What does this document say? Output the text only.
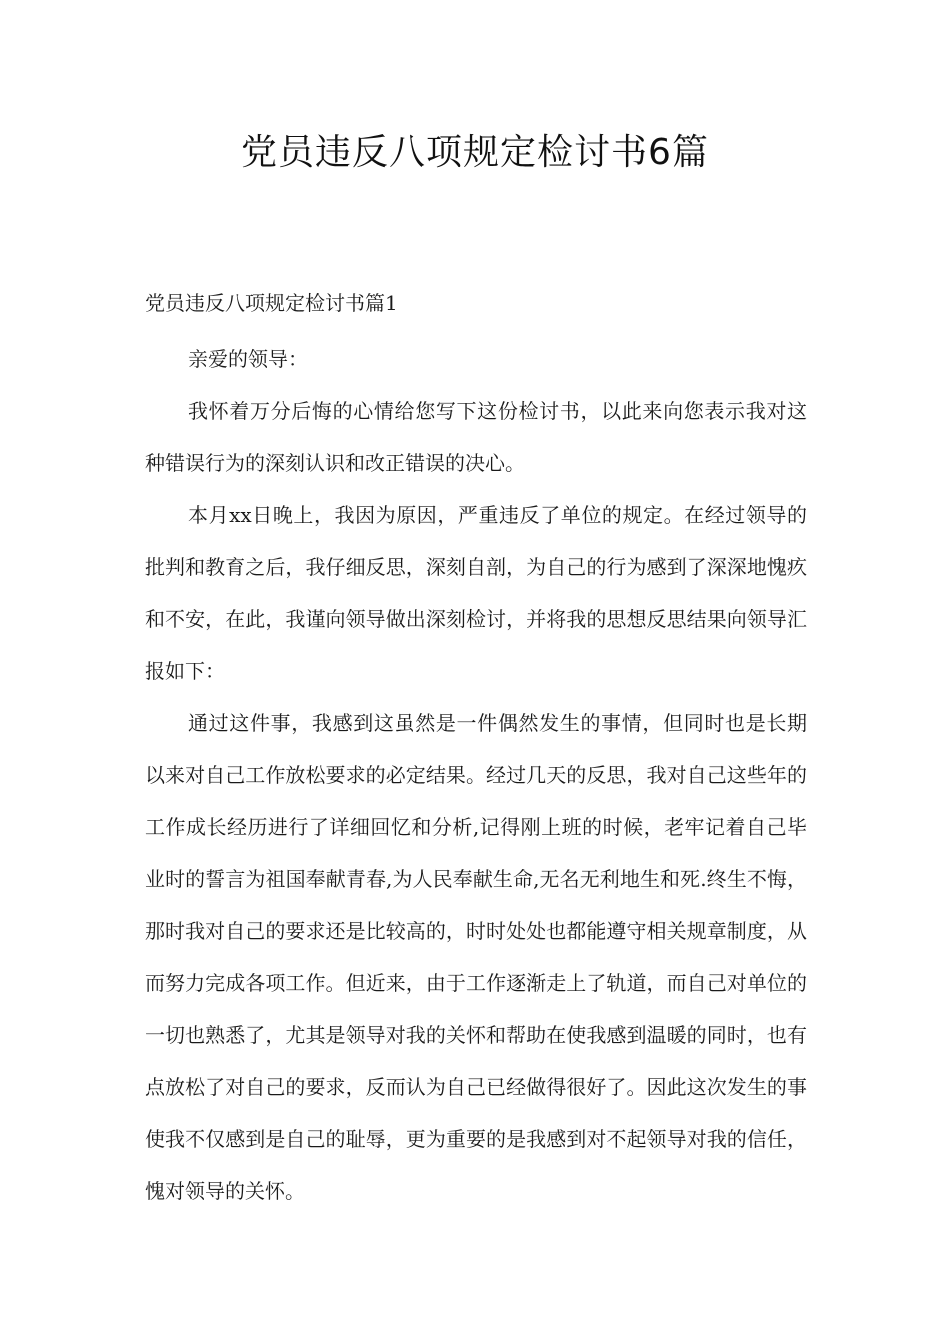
党员违反八项规定检讨书6篇
党员违反八项规定检讨书篇1

亲爱的领导：

我怀着万分后悔的心情给您写下这份检讨书，以此来向您表示我对这种错误行为的深刻认识和改正错误的决心。

本月xx日晚上，我因为原因，严重违反了单位的规定。在经过领导的批判和教育之后，我仔细反思，深刻自剖，为自己的行为感到了深深地愧疚和不安，在此，我谨向领导做出深刻检讨，并将我的思想反思结果向领导汇报如下：

通过这件事，我感到这虽然是一件偶然发生的事情，但同时也是长期以来对自己工作放松要求的必定结果。经过几天的反思，我对自己这些年的工作成长经历进行了详细回忆和分析,记得刚上班的时候，老牢记着自己毕业时的誓言为祖国奉献青春,为人民奉献生命,无名无利地生和死.终生不悔，那时我对自己的要求还是比较高的，时时处处也都能遵守相关规章制度，从而努力完成各项工作。但近来，由于工作逐渐走上了轨道，而自己对单位的一切也熟悉了，尤其是领导对我的关怀和帮助在使我感到温暖的同时，也有点放松了对自己的要求，反而认为自己已经做得很好了。因此这次发生的事使我不仅感到是自己的耻辱，更为重要的是我感到对不起领导对我的信任，愧对领导的关怀。
